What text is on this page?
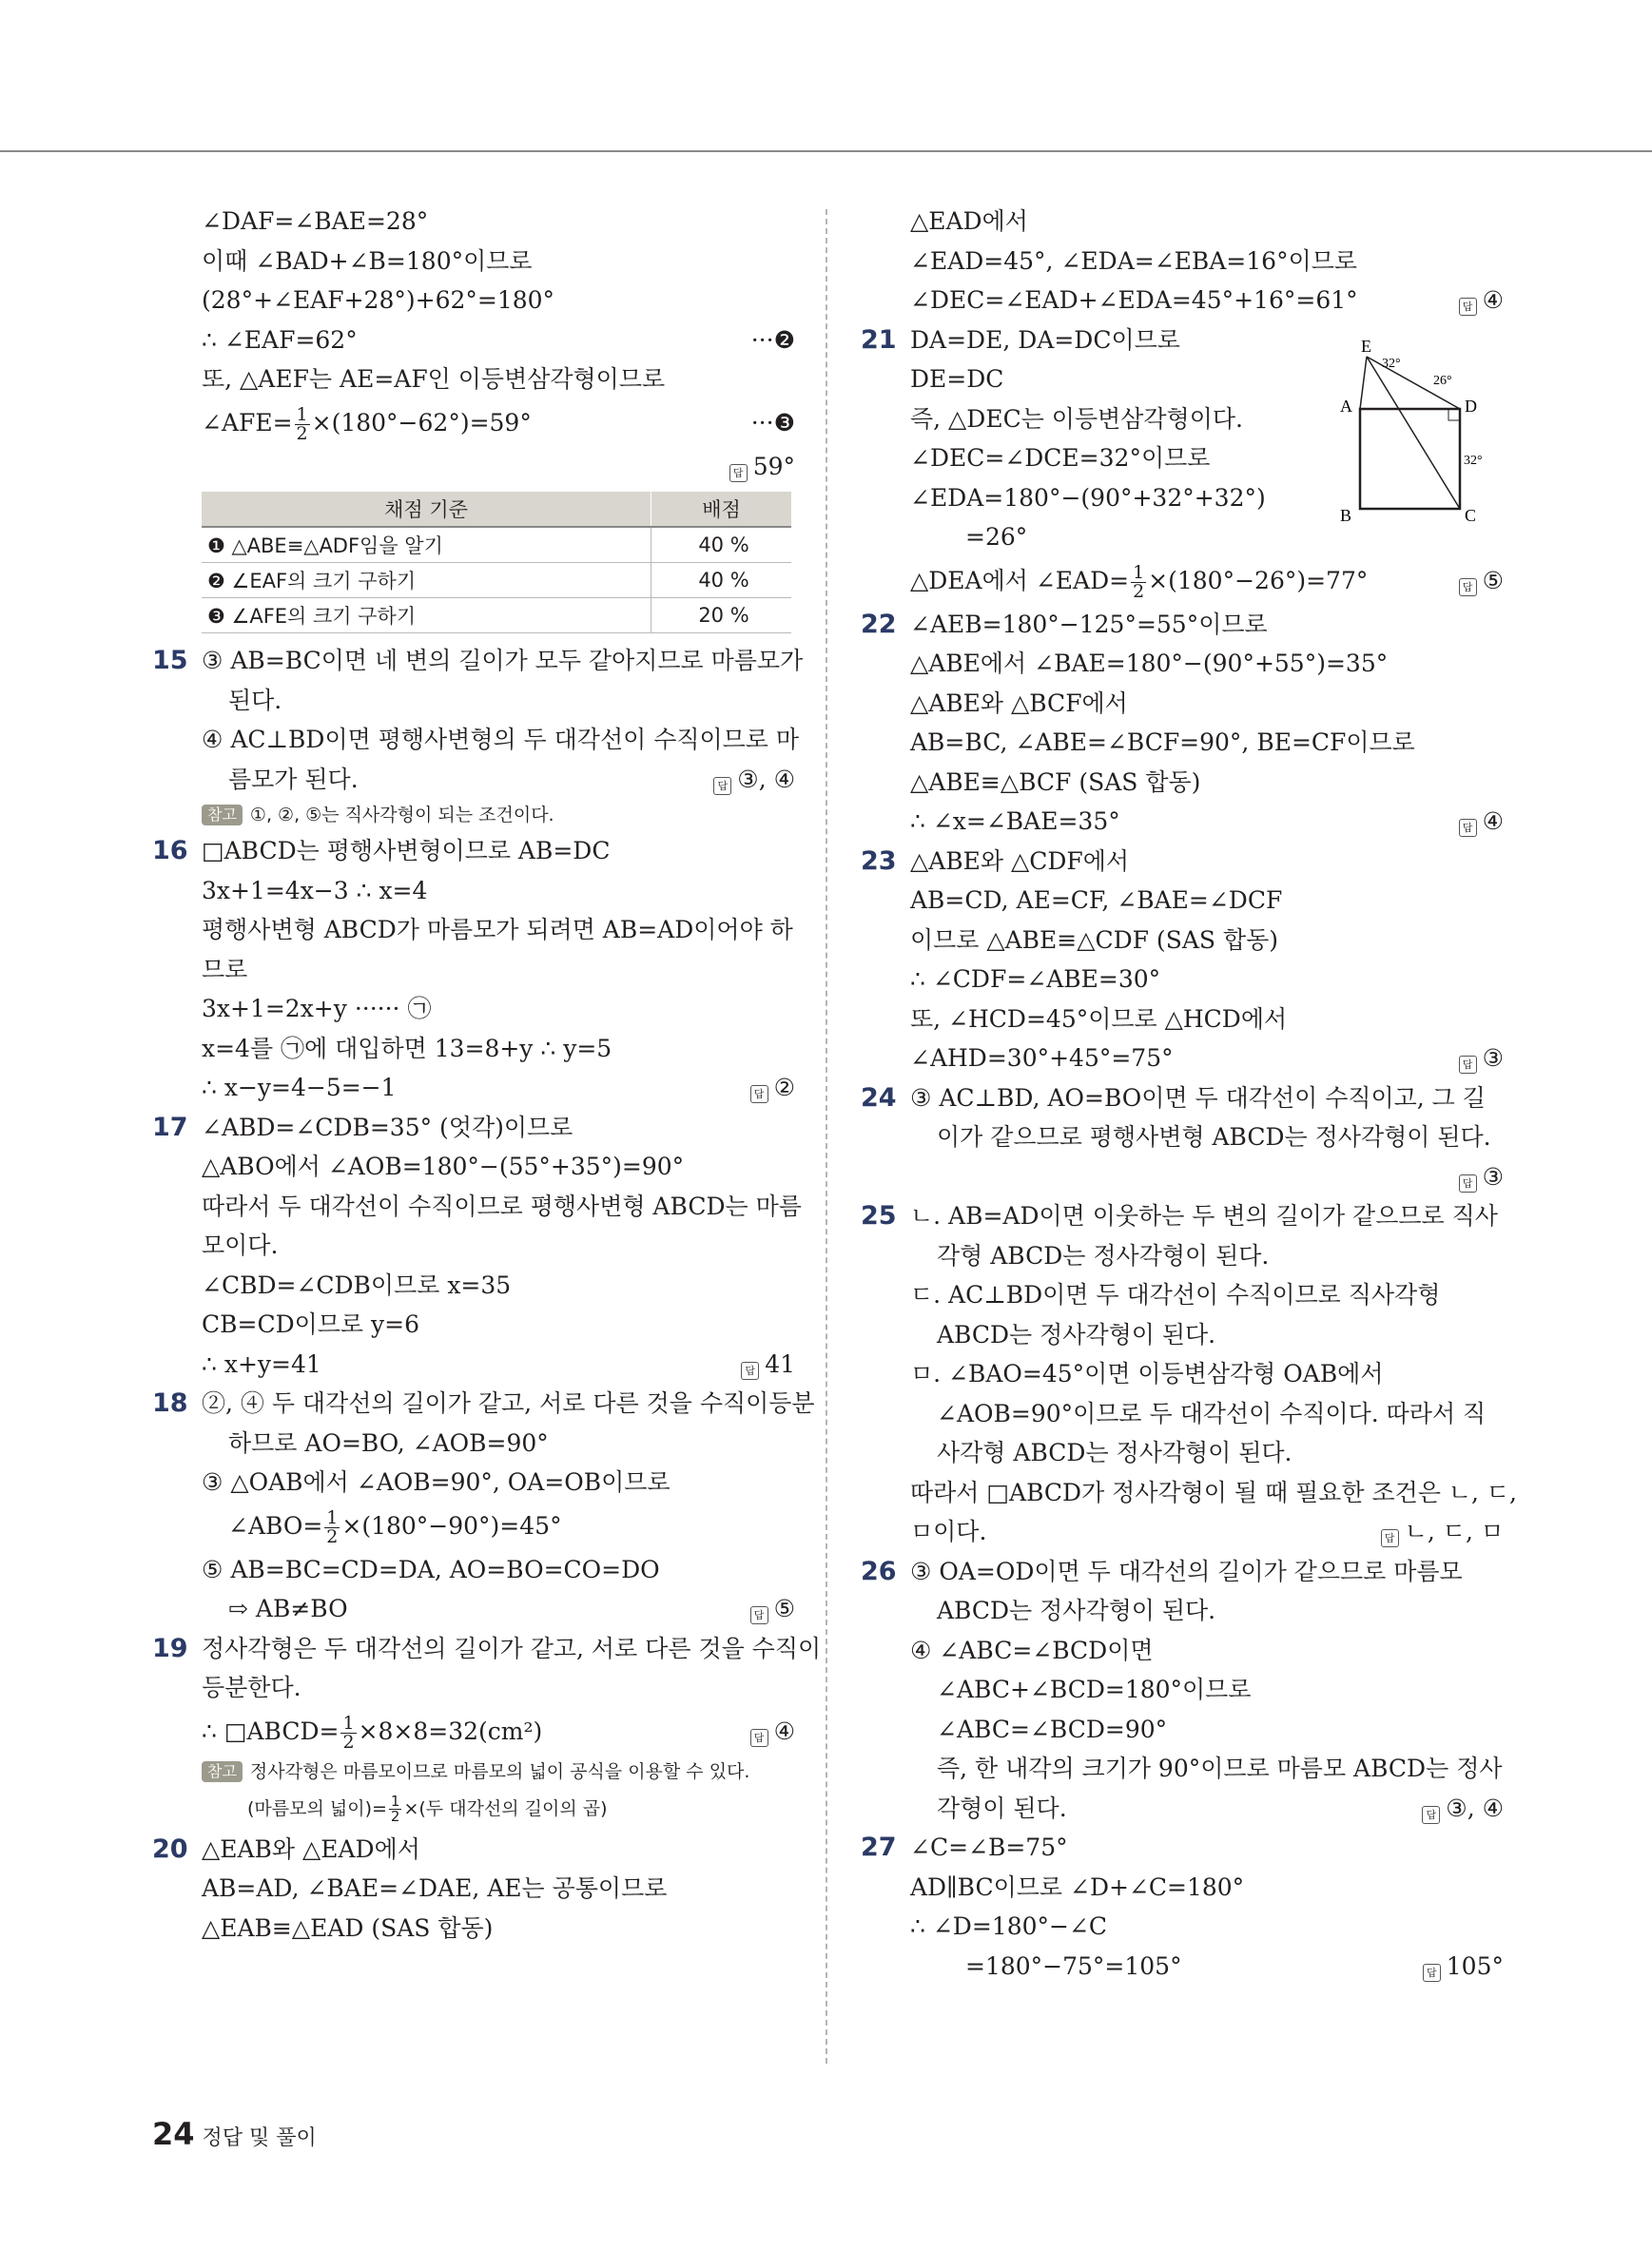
∠DAF=∠BAE=28°
이때 ∠BAD+∠B=180°이므로
(28°+∠EAF+28°)+62°=180°
∴ ∠EAF=62°	···❷
또, △AEF는 AE=AF인 이등변삼각형이므로
∠AFE= $\frac{1}{2} \times(180^\circ-62^\circ)=59^\circ$	···❸
답 59°
채점 기준	배점
❶ △ABE≡△ADF임을 알기	40 %
❷ ∠EAF의 크기 구하기	40 %
❸ ∠AFE의 크기 구하기	20 %
15 ③ AB=BC이면 네 변의 길이가 모두 같아지므로 마름모가
된다.
④ AC⊥BD이면 평행사변형의 두 대각선이 수직이므로 마
름모가 된다.	답 ③, ④
참고 ①, ②, ⑤는 직사각형이 되는 조건이다.
16 □ABCD는 평행사변형이므로 AB=DC
3x+1=4x−3 ∴ x=4
평행사변형 ABCD가 마름모가 되려면 AB=AD이어야 하
므로
3x+1=2x+y ······ ㉠
x=4를 ㉠에 대입하면 13=8+y ∴ y=5
∴ x−y=4−5=−1	답 ②
17 ∠ABD=∠CDB=35° (엇각)이므로
△ABO에서 ∠AOB=180°−(55°+35°)=90°
따라서 두 대각선이 수직이므로 평행사변형 ABCD는 마름
모이다.
∠CBD=∠CDB이므로 x=35
CB=CD이므로 y=6
∴ x+y=41	답 41
18 ②, ④ 두 대각선의 길이가 같고, 서로 다른 것을 수직이등분
하므로 AO=BO, ∠AOB=90°
③ △OAB에서 ∠AOB=90°, OA=OB이므로
∠ABO= $\frac{1}{2} \times(180^\circ-90^\circ)=45^\circ$
⑤ AB=BC=CD=DA, AO=BO=CO=DO
⇨ AB≠BO	답 ⑤
19 정사각형은 두 대각선의 길이가 같고, 서로 다른 것을 수직이
등분한다.
∴ □ABCD= $\frac{1}{2} \times 8\times 8=32(cm^2)$	답 ④
참고 정사각형은 마름모이므로 마름모의 넓이 공식을 이용할 수 있다.
(마름모의 넓이)= $\frac{1}{2}$ ×(두 대각선의 길이의 곱)
20 △EAB와 △EAD에서
AB=AD, ∠BAE=∠DAE, AE는 공통이므로
△EAB≡△EAD (SAS 합동)
△EAD에서
∠EAD=45°, ∠EDA=∠EBA=16°이므로
∠DEC=∠EAD+∠EDA=45°+16°=61°	답 ④
21 DA=DE, DA=DC이므로
DE=DC
즉, △DEC는 이등변삼각형이다.
∠DEC=∠DCE=32°이므로
∠EDA=180°−(90°+32°+32°)
=26°
△DEA에서 ∠EAD= $\frac{1}{2} \times(180^\circ-26^\circ)=77^\circ$	답 ⑤
22 ∠AEB=180°−125°=55°이므로
△ABE에서 ∠BAE=180°−(90°+55°)=35°
△ABE와 △BCF에서
AB=BC, ∠ABE=∠BCF=90°, BE=CF이므로
△ABE≡△BCF (SAS 합동)
∴ ∠x=∠BAE=35°	답 ④
23 △ABE와 △CDF에서
AB=CD, AE=CF, ∠BAE=∠DCF
이므로 △ABE≡△CDF (SAS 합동)
∴ ∠CDF=∠ABE=30°
또, ∠HCD=45°이므로 △HCD에서
∠AHD=30°+45°=75°	답 ③
24 ③ AC⊥BD, AO=BO이면 두 대각선이 수직이고, 그 길
이가 같으므로 평행사변형 ABCD는 정사각형이 된다.
답 ③
25 ㄴ. AB=AD이면 이웃하는 두 변의 길이가 같으므로 직사
각형 ABCD는 정사각형이 된다.
ㄷ. AC⊥BD이면 두 대각선이 수직이므로 직사각형
ABCD는 정사각형이 된다.
ㅁ. ∠BAO=45°이면 이등변삼각형 OAB에서
∠AOB=90°이므로 두 대각선이 수직이다. 따라서 직
사각형 ABCD는 정사각형이 된다.
따라서 □ABCD가 정사각형이 될 때 필요한 조건은 ㄴ, ㄷ,
ㅁ이다.	답 ㄴ, ㄷ, ㅁ
26 ③ OA=OD이면 두 대각선의 길이가 같으므로 마름모
ABCD는 정사각형이 된다.
④ ∠ABC=∠BCD이면
∠ABC+∠BCD=180°이므로
∠ABC=∠BCD=90°
즉, 한 내각의 크기가 90°이므로 마름모 ABCD는 정사
각형이 된다.	답 ③, ④
27 ∠C=∠B=75°
AD∥BC이므로 ∠D+∠C=180°
∴ ∠D=180°−∠C
=180°−75°=105°	답 105°
E
A	D
B	C
32°
26°
32°
24 정답 및 풀이
